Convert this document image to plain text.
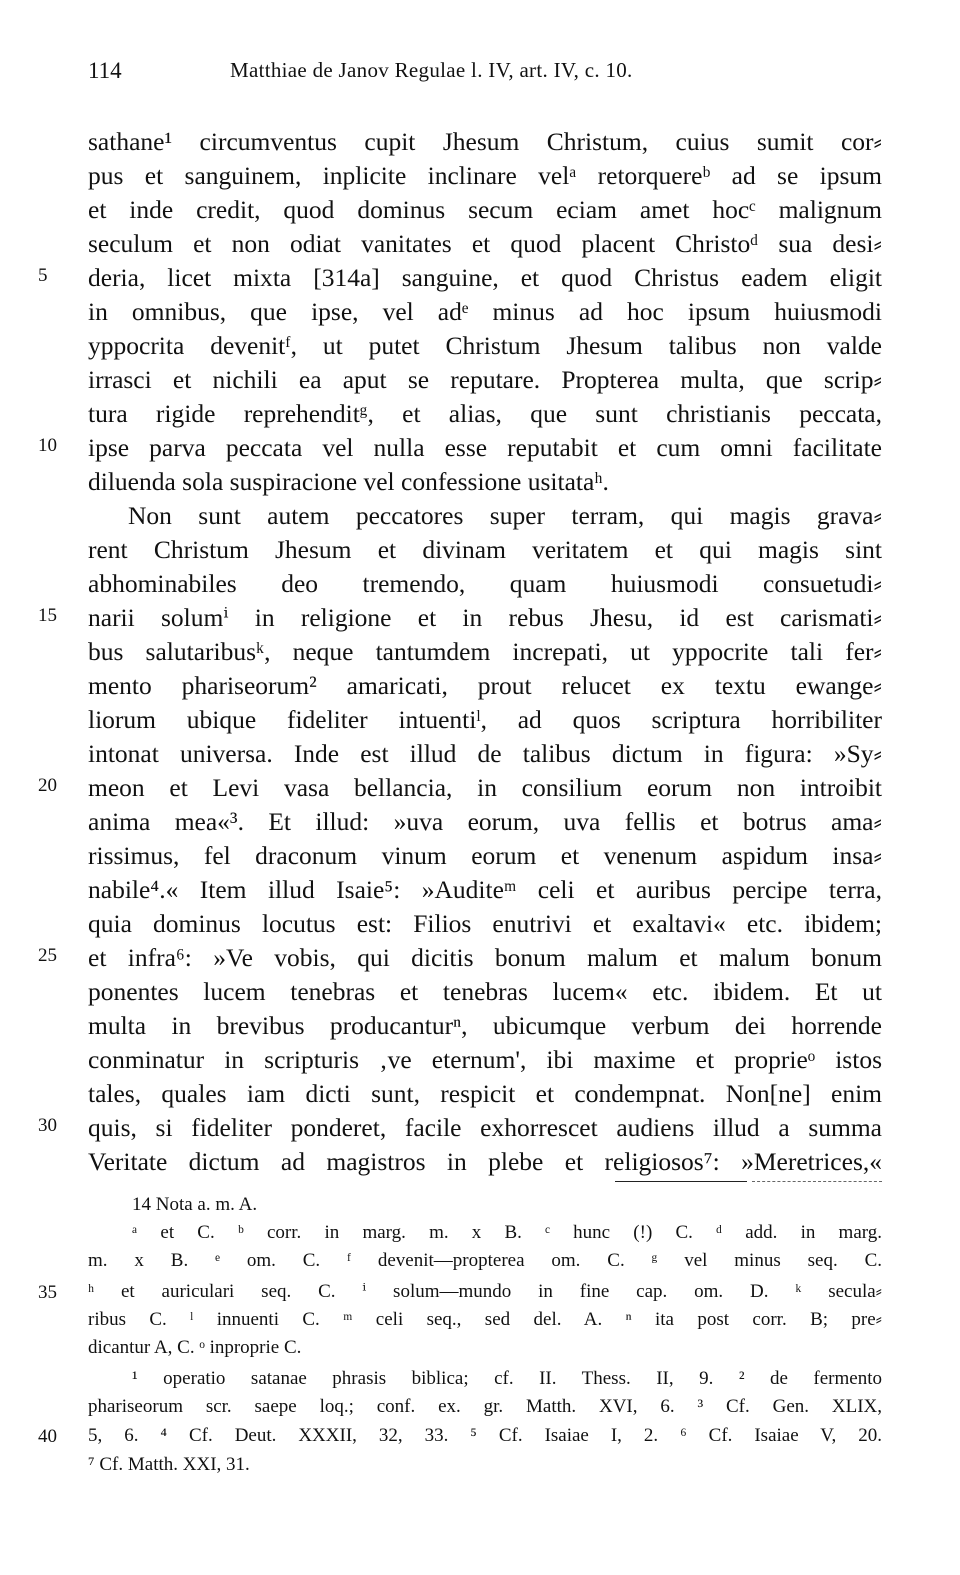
114	Matthiae de Janov Regulae l. IV, art. IV, c. 10.
sathane¹ circumventus cupit Jhesum Christum, cuius sumit cor⸗
pus et sanguinem, inplicite inclinare velᵃ retorquereᵇ ad se ipsum
et inde credit, quod dominus secum eciam amet hocᶜ malignum
seculum et non odiat vanitates et quod placent Christoᵈ sua desi⸗
deria, licet mixta [314a] sanguine, et quod Christus eadem eligit
in omnibus, que ipse, vel adᵉ minus ad hoc ipsum huiusmodi
yppocrita devenitᶠ, ut putet Christum Jhesum talibus non valde
irrasci et nichili ea aput se reputare. Propterea multa, que scrip⸗
tura rigide reprehenditᵍ, et alias, que sunt christianis peccata,
ipse parva peccata vel nulla esse reputabit et cum omni facilitate
diluenda sola suspiracione vel confessione usitataʰ.
Non sunt autem peccatores super terram, qui magis grava⸗
rent Christum Jhesum et divinam veritatem et qui magis sint
abhominabiles deo tremendo, quam huiusmodi consuetudi⸗
narii solumⁱ in religione et in rebus Jhesu, id est carismati⸗
bus salutaribusᵏ, neque tantumdem increpati, ut yppocrite tali fer⸗
mento phariseorum² amaricati, prout relucet ex textu ewange⸗
liorum ubique fideliter intuentiˡ, ad quos scriptura horribiliter
intonat universa. Inde est illud de talibus dictum in figura: »Sy⸗
meon et Levi vasa bellancia, in consilium eorum non introibit
anima mea«³. Et illud: »uva eorum, uva fellis et botrus ama⸗
rissimus, fel draconum vinum eorum et venenum aspidum insa⸗
nabile⁴.« Item illud Isaie⁵: »Auditeᵐ celi et auribus percipe terra,
quia dominus locutus est: Filios enutrivi et exaltavi« etc. ibidem;
et infra⁶: »Ve vobis, qui dicitis bonum malum et malum bonum
ponentes lucem tenebras et tenebras lucem« etc. ibidem. Et ut
multa in brevibus producanturⁿ, ubicumque verbum dei horrende
conminatur in scripturis ‚ve eternum', ibi maxime et proprieᵒ istos
tales, quales iam dicti sunt, respicit et condempnat. Non[ne] enim
quis, si fideliter ponderet, facile exhorrescet audiens illud a summa
Veritate dictum ad magistros in plebe et religiosos⁷: »Meretrices,«
5
10
15
20
25
30
35
40
14 Nota a. m. A.
ᵃ et C. ᵇ corr. in marg. m. x B. ᶜ hunc (!) C. ᵈ add. in marg.
m. x B. ᵉ om. C. ᶠ devenit—propterea om. C. ᵍ vel minus seq. C.
ʰ et auriculari seq. C. ⁱ solum—mundo in fine cap. om. D. ᵏ secula⸗
ribus C. ˡ innuenti C. ᵐ celi seq., sed del. A. ⁿ ita post corr. B; pre⸗
dicantur A, C. ᵒ inproprie C.
¹ operatio satanae phrasis biblica; cf. II. Thess. II, 9. ² de fermento
phariseorum scr. saepe loq.; conf. ex. gr. Matth. XVI, 6. ³ Cf. Gen. XLIX,
5, 6. ⁴ Cf. Deut. XXXII, 32, 33. ⁵ Cf. Isaiae I, 2. ⁶ Cf. Isaiae V, 20.
⁷ Cf. Matth. XXI, 31.
